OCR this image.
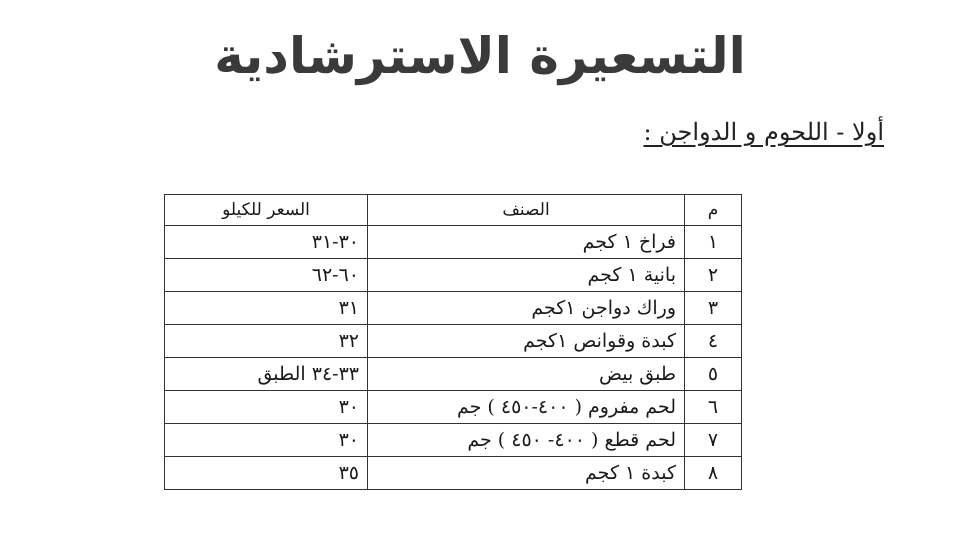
التسعيرة الاسترشادية
أولا - اللحوم و الدواجن :
م	الصنف	السعر للكيلو
١	فراخ ١ كجم	٣٠-٣١
٢	بانية ١ كجم	٦٠-٦٢
٣	وراك دواجن ١كجم	٣١
٤	كبدة وقوانص ١كجم	٣٢
٥	طبق بيض	٣٣-٣٤ الطبق
٦	لحم مفروم ( ٤٠٠-٤٥٠ ) جم	٣٠
٧	لحم قطع ( ٤٠٠- ٤٥٠ ) جم	٣٠
٨	كبدة ١ كجم	٣٥
